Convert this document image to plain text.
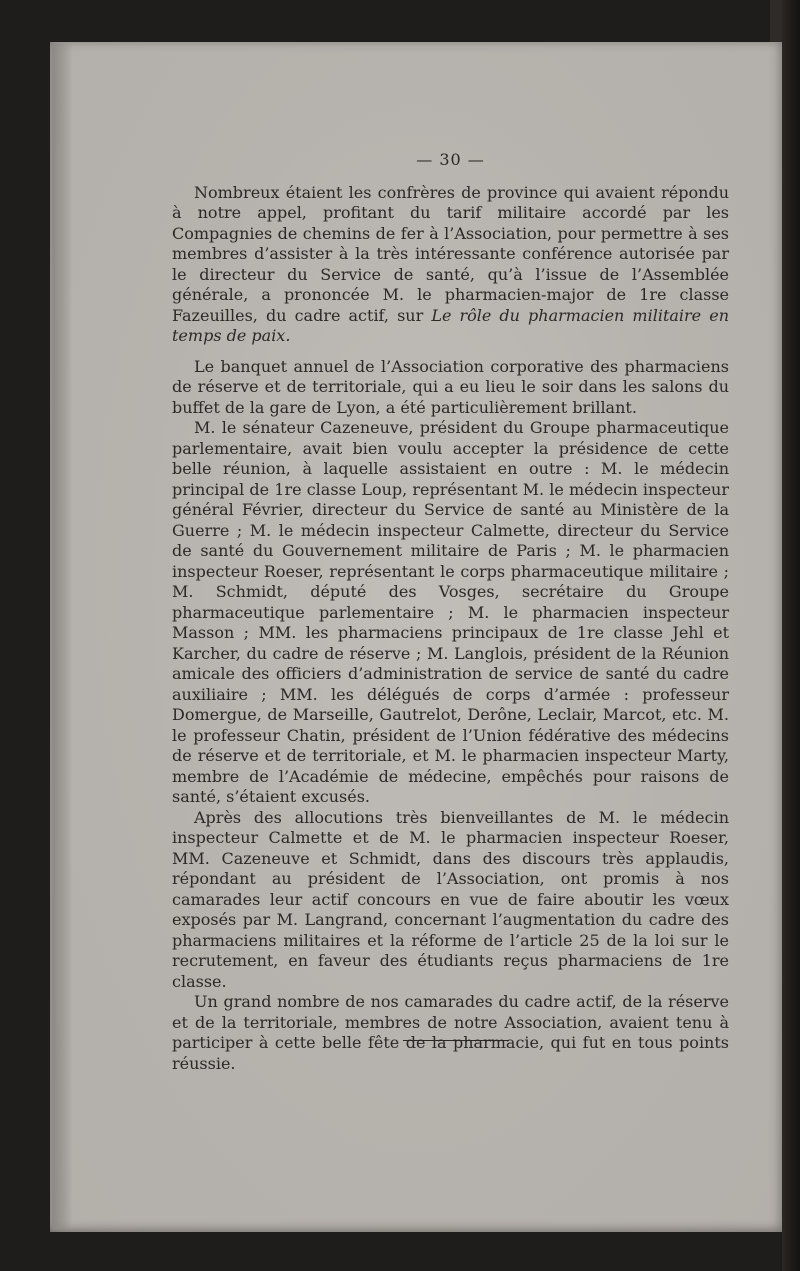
— 30 —

Nombreux étaient les confrères de province qui avaient répondu à notre appel, profitant du tarif militaire accordé par les Compagnies de chemins de fer à l’Association, pour permettre à ses membres d’assister à la très intéressante conférence autorisée par le directeur du Service de santé, qu’à l’issue de l’Assemblée générale, a prononcée M. le pharmacien-major de 1re classe Fazeuilles, du cadre actif, sur Le rôle du pharmacien militaire en temps de paix.

Le banquet annuel de l’Association corporative des pharmaciens de réserve et de territoriale, qui a eu lieu le soir dans les salons du buffet de la gare de Lyon, a été particulièrement brillant.

M. le sénateur Cazeneuve, président du Groupe pharmaceutique parlementaire, avait bien voulu accepter la présidence de cette belle réunion, à laquelle assistaient en outre : M. le médecin principal de 1re classe Loup, représentant M. le médecin inspecteur général Février, directeur du Service de santé au Ministère de la Guerre ; M. le médecin inspecteur Calmette, directeur du Service de santé du Gouvernement militaire de Paris ; M. le pharmacien inspecteur Roeser, représentant le corps pharmaceutique militaire ; M. Schmidt, député des Vosges, secrétaire du Groupe pharmaceutique parlementaire ; M. le pharmacien inspecteur Masson ; MM. les pharmaciens principaux de 1re classe Jehl et Karcher, du cadre de réserve ; M. Langlois, président de la Réunion amicale des officiers d’administration de service de santé du cadre auxiliaire ; MM. les délégués de corps d’armée : professeur Domergue, de Marseille, Gautrelot, Derône, Leclair, Marcot, etc. M. le professeur Chatin, président de l’Union fédérative des médecins de réserve et de territoriale, et M. le pharmacien inspecteur Marty, membre de l’Académie de médecine, empêchés pour raisons de santé, s’étaient excusés.

Après des allocutions très bienveillantes de M. le médecin inspecteur Calmette et de M. le pharmacien inspecteur Roeser, MM. Cazeneuve et Schmidt, dans des discours très applaudis, répondant au président de l’Association, ont promis à nos camarades leur actif concours en vue de faire aboutir les vœux exposés par M. Langrand, concernant l’augmentation du cadre des pharmaciens militaires et la réforme de l’article 25 de la loi sur le recrutement, en faveur des étudiants reçus pharmaciens de 1re classe.

Un grand nombre de nos camarades du cadre actif, de la réserve et de la territoriale, membres de notre Association, avaient tenu à participer à cette belle fête de la pharmacie, qui fut en tous points réussie.
